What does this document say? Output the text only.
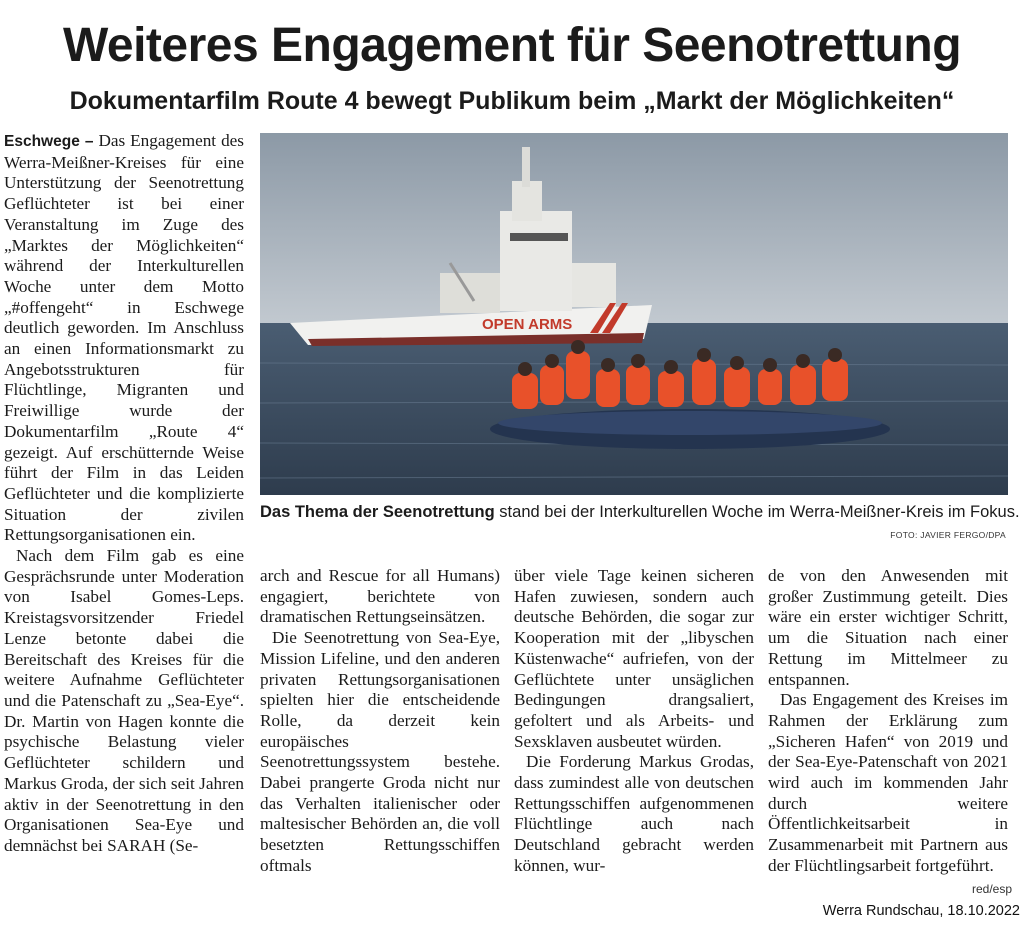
Weiteres Engagement für Seenotrettung
Dokumentarfilm Route 4 bewegt Publikum beim „Markt der Möglichkeiten“

Eschwege – Das Engagement des Werra-Meißner-Kreises für eine Unterstützung der Seenotrettung Geflüchteter ist bei einer Veranstaltung im Zuge des „Marktes der Möglichkeiten“ während der Interkulturellen Woche unter dem Motto „#offengeht“ in Eschwege deutlich geworden. Im Anschluss an einen Informationsmarkt zu Angebotsstrukturen für Flüchtlinge, Migranten und Freiwillige wurde der Dokumentarfilm „Route 4“ gezeigt. Auf erschütternde Weise führt der Film in das Leiden Geflüchteter und die komplizierte Situation der zivilen Rettungsorganisationen ein.

Nach dem Film gab es eine Gesprächsrunde unter Moderation von Isabel Gomes-Leps. Kreistagsvorsitzender Friedel Lenze betonte dabei die Bereitschaft des Kreises für die weitere Aufnahme Geflüchteter und die Patenschaft zu „Sea-Eye“. Dr. Martin von Hagen konnte die psychische Belastung vieler Geflüchteter schildern und Markus Groda, der sich seit Jahren aktiv in der Seenotrettung in den Organisationen Sea-Eye und demnächst bei SARAH (Se-

OPEN ARMS

Das Thema der Seenotrettung stand bei der Interkulturellen Woche im Werra-Meißner-Kreis im Fokus.

FOTO: JAVIER FERGO/DPA

arch and Rescue for all Humans) engagiert, berichtete von dramatischen Rettungseinsätzen.

Die Seenotrettung von Sea-Eye, Mission Lifeline, und den anderen privaten Rettungsorganisationen spielten hier die entscheidende Rolle, da derzeit kein europäisches Seenotrettungssystem bestehe. Dabei prangerte Groda nicht nur das Verhalten italienischer oder maltesischer Behörden an, die voll besetzten Rettungsschiffen oftmals

über viele Tage keinen sicheren Hafen zuwiesen, sondern auch deutsche Behörden, die sogar zur Kooperation mit der „libyschen Küstenwache“ aufriefen, von der Geflüchtete unter unsäglichen Bedingungen drangsaliert, gefoltert und als Arbeits- und Sexsklaven ausbeutet würden.

Die Forderung Markus Grodas, dass zumindest alle von deutschen Rettungsschiffen aufgenommenen Flüchtlinge auch nach Deutschland gebracht werden können, wur-

de von den Anwesenden mit großer Zustimmung geteilt. Dies wäre ein erster wichtiger Schritt, um die Situation nach einer Rettung im Mittelmeer zu entspannen.

Das Engagement des Kreises im Rahmen der Erklärung zum „Sicheren Hafen“ von 2019 und der Sea-Eye-Patenschaft von 2021 wird auch im kommenden Jahr durch weitere Öffentlichkeitsarbeit in Zusammenarbeit mit Partnern aus der Flüchtlingsarbeit fortgeführt.

red/esp
Werra Rundschau, 18.10.2022
